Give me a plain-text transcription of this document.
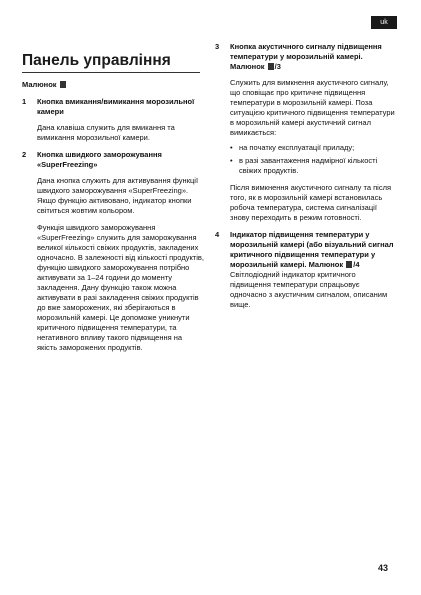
uk
Панель управління

Малюнок

1	Кнопка вмикання/вимикання морозильної камери
Дана клавіша служить для вмикання та вимикання морозильної камери.
2	Кнопка швидкого заморожування «SuperFreezing»
Дана кнопка служить для активування функції швидкого заморожування «SuperFreezing». Якщо функцію активовано, індикатор кнопки світиться жовтим кольором.
Функція швидкого заморожування «SuperFreezing» служить для заморожування великої кількості свіжих продуктів, закладених одночасно. В залежності від кількості продуктів, функцію швидкого заморожування потрібно активувати за 1–24 години до моменту закладення. Дану функцію також можна активувати в разі закладення свіжих продуктів до вже заморожених, які зберігаються в морозильній камері. Це допоможе уникнути критичного підвищення температури, та негативного впливу такого підвищення на якість заморожених продуктів.
3	Кнопка акустичного сигналу підвищення температури у морозильній камері. Малюнок /3
Служить для вимкнення акустичного сигналу, що сповіщає про критичне підвищення температури в морозильній камері. Поза ситуацією критичного підвищення температури в морозильній камері акустичний сигнал вимикається:
• на початку експлуатації приладу;
• в разі завантаження надмірної кількості свіжих продуктів.
Після вимкнення акустичного сигналу та після того, як в морозильній камері встановилась робоча температура, система сигналізації знову переходить в режим готовності.
4	Індикатор підвищення температури у морозильній камері (або візуальний сигнал критичного підвищення температури у морозильній камері. Малюнок /4 Світлодіодний індикатор критичного підвищення температури спрацьовує одночасно з акустичним сигналом, описаним вище.
43
